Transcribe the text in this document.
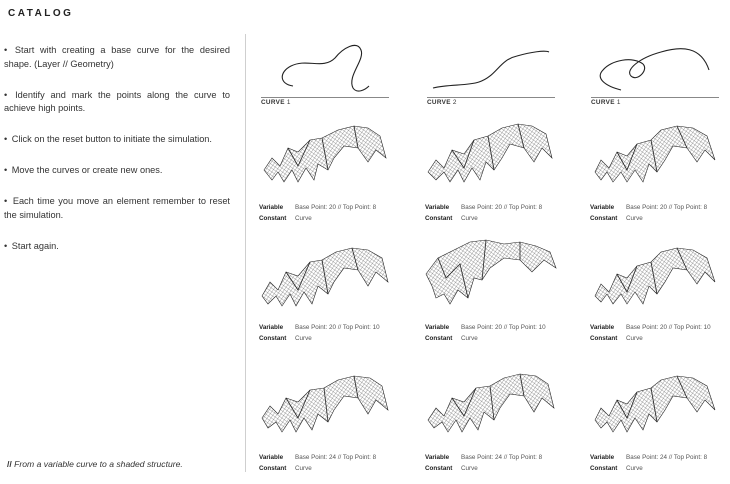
CATALOG
• Start with creating a base curve for the desired shape. (Layer // Geometry)
• Identify and mark the points along the curve to achieve high points.
• Click on the reset button to initiate the simulation.
• Move the curves or create new ones.
• Each time you move an element remember to reset the simulation.
• Start again.
// From a variable curve to a shaded structure.
CURVE 1	CURVE 2	CURVE 1
Variable Base Point: 20 // Top Point: 8
Constant Curve
Variable Base Point: 20 // Top Point: 8
Constant Curve
Variable Base Point: 20 // Top Point: 8
Constant Curve
Variable Base Point: 20 // Top Point: 10
Constant Curve
Variable Base Point: 20 // Top Point: 10
Constant Curve
Variable Base Point: 20 // Top Point: 10
Constant Curve
Variable Base Point: 24 // Top Point: 8
Constant Curve
Variable Base Point: 24 // Top Point: 8
Constant Curve
Variable Base Point: 24 // Top Point: 8
Constant Curve
